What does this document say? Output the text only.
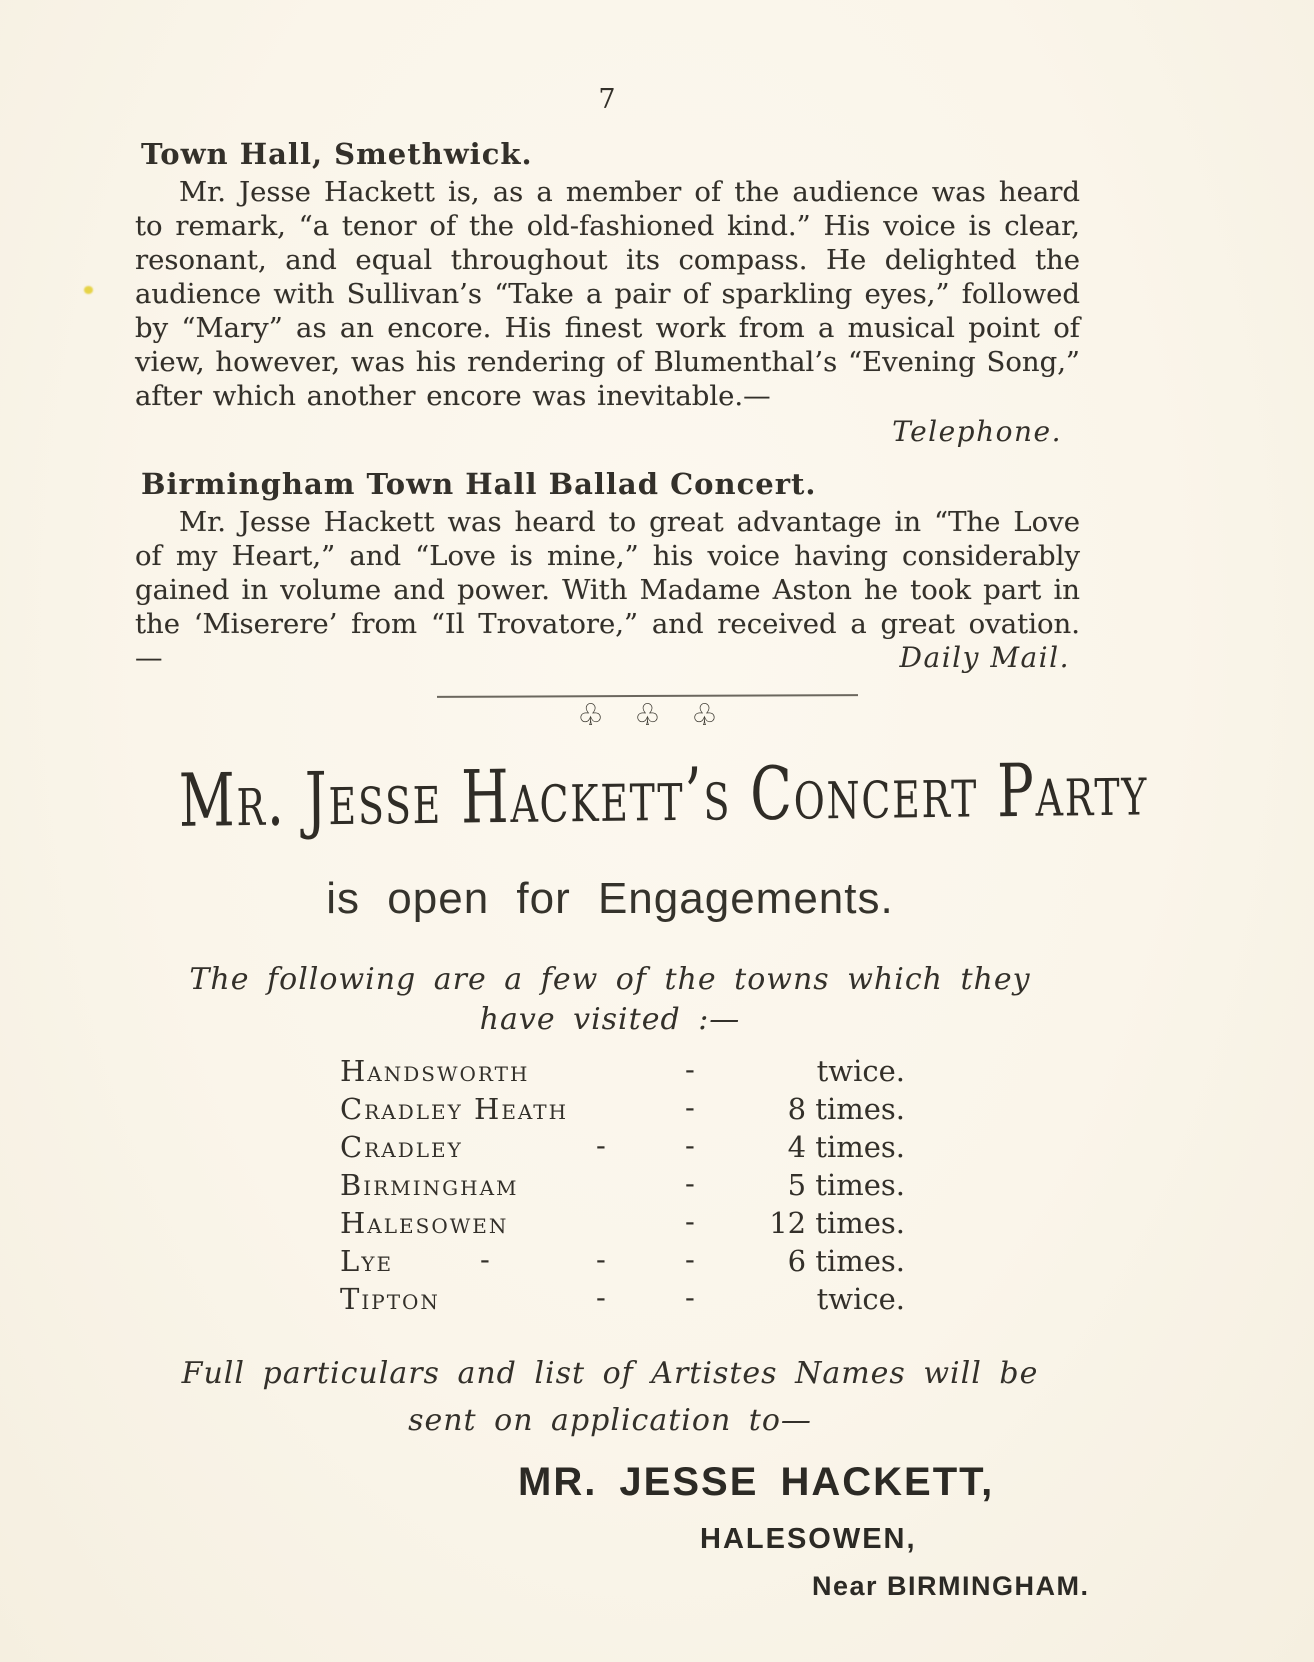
7
Town Hall, Smethwick.

Mr. Jesse Hackett is, as a member of the audience was heard to remark, “a tenor of the old-fashioned kind.” His voice is clear, resonant, and equal throughout its compass. He delighted the audience with Sullivan’s “Take a pair of sparkling eyes,” followed by “Mary” as an encore. His finest work from a musical point of view, however, was his rendering of Blumenthal’s “Evening Song,” after which another encore was inevitable.—

Telephone.
Birmingham Town Hall Ballad Concert.

Mr. Jesse Hackett was heard to great advantage in “The Love of my Heart,” and “Love is mine,” his voice having considerably gained in volume and power. With Madame Aston he took part in the ‘Miserere’ from “Il Trovatore,” and received a great ovation.—	Daily Mail.
♧♧♧
Mr. Jesse Hackett’s Concert Party
is open for Engagements.
The following are a few of the towns which they
have visited :—
Handsworth	-	twice.
Cradley Heath	-	8 times.
Cradley	-	-	4 times.
Birmingham	-	5 times.
Halesowen	-	12 times.
Lye	-	-	-	6 times.
Tipton	-	-	twice.
Full particulars and list of Artistes Names will be
sent on application to—
MR. JESSE HACKETT,
HALESOWEN,
Near BIRMINGHAM.
